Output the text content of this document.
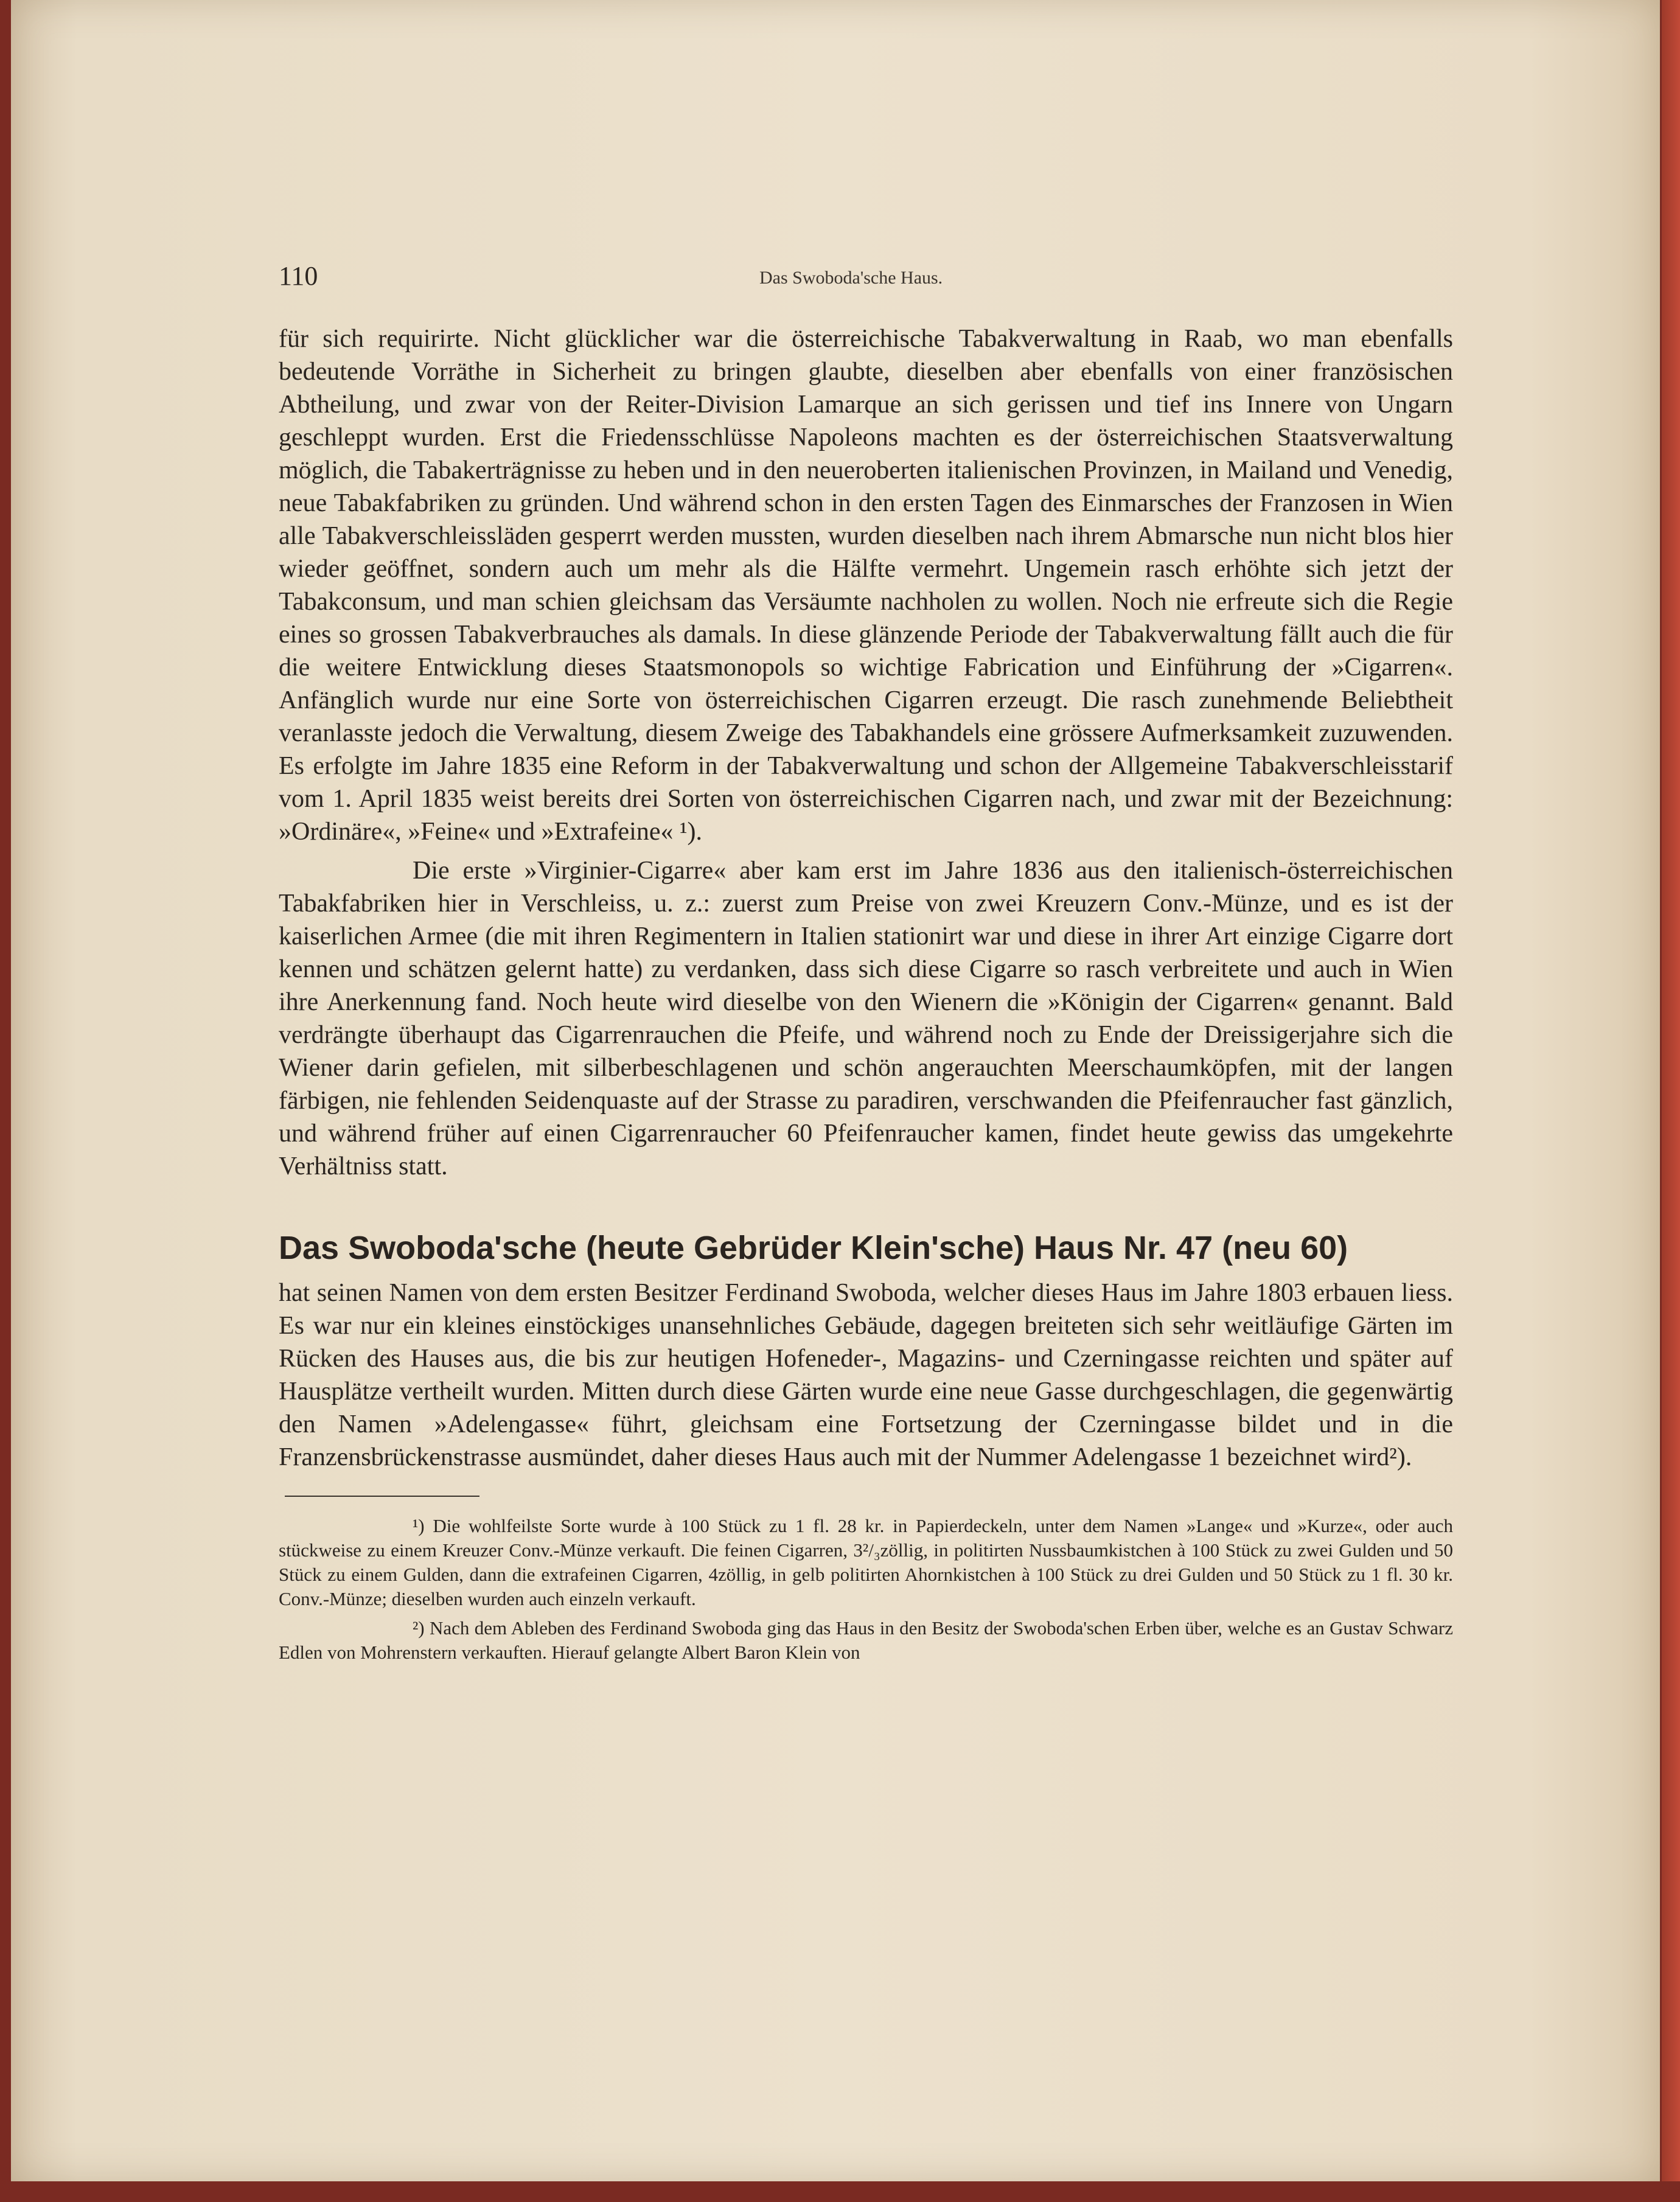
110	Das Swoboda'sche Haus.

für sich requirirte. Nicht glücklicher war die österreichische Tabakverwaltung in Raab, wo man ebenfalls bedeutende Vorräthe in Sicherheit zu bringen glaubte, dieselben aber ebenfalls von einer französischen Abtheilung, und zwar von der Reiter-Division Lamarque an sich gerissen und tief ins Innere von Ungarn geschleppt wurden. Erst die Friedensschlüsse Napoleons machten es der österreichischen Staatsverwaltung möglich, die Tabakerträgnisse zu heben und in den neueroberten italienischen Provinzen, in Mailand und Venedig, neue Tabakfabriken zu gründen. Und während schon in den ersten Tagen des Einmarsches der Franzosen in Wien alle Tabakverschleissläden gesperrt werden mussten, wurden dieselben nach ihrem Abmarsche nun nicht blos hier wieder geöffnet, sondern auch um mehr als die Hälfte vermehrt. Ungemein rasch erhöhte sich jetzt der Tabakconsum, und man schien gleichsam das Versäumte nachholen zu wollen. Noch nie erfreute sich die Regie eines so grossen Tabakverbrauches als damals. In diese glänzende Periode der Tabakverwaltung fällt auch die für die weitere Entwicklung dieses Staatsmonopols so wichtige Fabrication und Einführung der »Cigarren«. Anfänglich wurde nur eine Sorte von österreichischen Cigarren erzeugt. Die rasch zunehmende Beliebtheit veranlasste jedoch die Verwaltung, diesem Zweige des Tabakhandels eine grössere Aufmerksamkeit zuzuwenden. Es erfolgte im Jahre 1835 eine Reform in der Tabakverwaltung und schon der Allgemeine Tabakverschleisstarif vom 1. April 1835 weist bereits drei Sorten von österreichischen Cigarren nach, und zwar mit der Bezeichnung: »Ordinäre«, »Feine« und »Extrafeine« ¹).

Die erste »Virginier-Cigarre« aber kam erst im Jahre 1836 aus den italienisch-österreichischen Tabakfabriken hier in Verschleiss, u. z.: zuerst zum Preise von zwei Kreuzern Conv.-Münze, und es ist der kaiserlichen Armee (die mit ihren Regimentern in Italien stationirt war und diese in ihrer Art einzige Cigarre dort kennen und schätzen gelernt hatte) zu verdanken, dass sich diese Cigarre so rasch verbreitete und auch in Wien ihre Anerkennung fand. Noch heute wird dieselbe von den Wienern die »Königin der Cigarren« genannt. Bald verdrängte überhaupt das Cigarrenrauchen die Pfeife, und während noch zu Ende der Dreissigerjahre sich die Wiener darin gefielen, mit silberbeschlagenen und schön angerauchten Meerschaumköpfen, mit der langen färbigen, nie fehlenden Seidenquaste auf der Strasse zu paradiren, verschwanden die Pfeifenraucher fast gänzlich, und während früher auf einen Cigarrenraucher 60 Pfeifenraucher kamen, findet heute gewiss das umgekehrte Verhältniss statt.

Das Swoboda'sche (heute Gebrüder Klein'sche) Haus Nr. 47 (neu 60)

hat seinen Namen von dem ersten Besitzer Ferdinand Swoboda, welcher dieses Haus im Jahre 1803 erbauen liess. Es war nur ein kleines einstöckiges unansehnliches Gebäude, dagegen breiteten sich sehr weitläufige Gärten im Rücken des Hauses aus, die bis zur heutigen Hofeneder-, Magazins- und Czerningasse reichten und später auf Hausplätze vertheilt wurden. Mitten durch diese Gärten wurde eine neue Gasse durchgeschlagen, die gegenwärtig den Namen »Adelengasse« führt, gleichsam eine Fortsetzung der Czerningasse bildet und in die Franzensbrückenstrasse ausmündet, daher dieses Haus auch mit der Nummer Adelengasse 1 bezeichnet wird²).

¹) Die wohlfeilste Sorte wurde à 100 Stück zu 1 fl. 28 kr. in Papierdeckeln, unter dem Namen »Lange« und »Kurze«, oder auch stückweise zu einem Kreuzer Conv.-Münze verkauft. Die feinen Cigarren, 3²/₃zöllig, in politirten Nussbaumkistchen à 100 Stück zu zwei Gulden und 50 Stück zu einem Gulden, dann die extrafeinen Cigarren, 4zöllig, in gelb politirten Ahornkistchen à 100 Stück zu drei Gulden und 50 Stück zu 1 fl. 30 kr. Conv.-Münze; dieselben wurden auch einzeln verkauft.

²) Nach dem Ableben des Ferdinand Swoboda ging das Haus in den Besitz der Swoboda'schen Erben über, welche es an Gustav Schwarz Edlen von Mohrenstern verkauften. Hierauf gelangte Albert Baron Klein von
